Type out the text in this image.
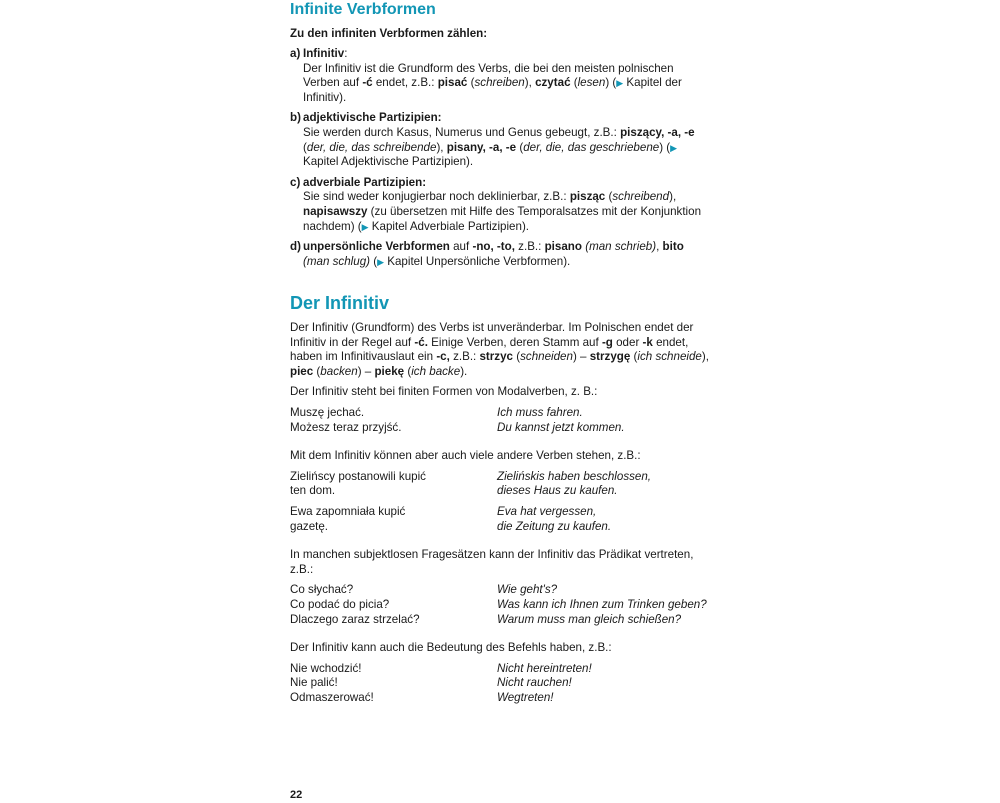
Infinite Verbformen
Zu den infiniten Verbformen zählen:
a) Infinitiv:
Der Infinitiv ist die Grundform des Verbs, die bei den meisten polnischen Verben auf -ć endet, z.B.: pisać (schreiben), czytać (lesen) (▶ Kapitel der Infinitiv).
b) adjektivische Partizipien:
Sie werden durch Kasus, Numerus und Genus gebeugt, z.B.: piszący, -a, -e (der, die, das schreibende), pisany, -a, -e (der, die, das geschriebene) (▶ Kapitel Adjektivische Partizipien).
c) adverbiale Partizipien:
Sie sind weder konjugierbar noch deklinierbar, z.B.: pisząc (schreibend), napisawszy (zu übersetzen mit Hilfe des Temporalsatzes mit der Konjunktion nachdem) (▶ Kapitel Adverbiale Partizipien).
d) unpersönliche Verbformen auf -no, -to, z.B.: pisano (man schrieb), bito (man schlug) (▶ Kapitel Unpersönliche Verbformen).
Der Infinitiv

Der Infinitiv (Grundform) des Verbs ist unveränderbar. Im Polnischen endet der Infinitiv in der Regel auf -ć. Einige Verben, deren Stamm auf -g oder -k endet, haben im Infinitivauslaut ein -c, z.B.: strzyc (schneiden) – strzygę (ich schneide), piec (backen) – piekę (ich backe).

Der Infinitiv steht bei finiten Formen von Modalverben, z. B.:

Muszę jechać.	Ich muss fahren.
Możesz teraz przyjść.	Du kannst jetzt kommen.

Mit dem Infinitiv können aber auch viele andere Verben stehen, z.B.:

Zielińscy postanowili kupić	Zielińskis haben beschlossen,
ten dom.	dieses Haus zu kaufen.
Ewa zapomniała kupić	Eva hat vergessen,
gazetę.	die Zeitung zu kaufen.

In manchen subjektlosen Fragesätzen kann der Infinitiv das Prädikat vertreten, z.B.:

Co słychać?	Wie geht's?
Co podać do picia?	Was kann ich Ihnen zum Trinken geben?
Dlaczego zaraz strzelać?	Warum muss man gleich schießen?

Der Infinitiv kann auch die Bedeutung des Befehls haben, z.B.:

Nie wchodzić!	Nicht hereintreten!
Nie palić!	Nicht rauchen!
Odmaszerować!	Wegtreten!
22
